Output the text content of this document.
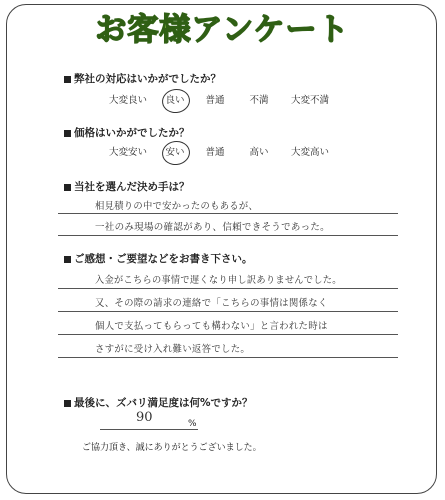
お客様アンケート
弊社の対応はいかがでしたか？
大変良い 良い 普通	不満 大変不満
価格はいかがでしたか？
大変安い 安い 普通	高い 大変高い
当社を選んだ決め手は？
相見積りの中で安かったのもあるが、
一社のみ現場の確認があり、信頼できそうであった。
ご感想・ご要望などをお書き下さい。
入金がこちらの事情で遅くなり申し訳ありませんでした。
又、その際の請求の連絡で「こちらの事情は関係なく
個人で支払ってもらっても構わない」と言われた時は
さすがに受け入れ難い返答でした。
最後に、ズバリ満足度は何%ですか？
90	%
ご協力頂き、誠にありがとうございました。
